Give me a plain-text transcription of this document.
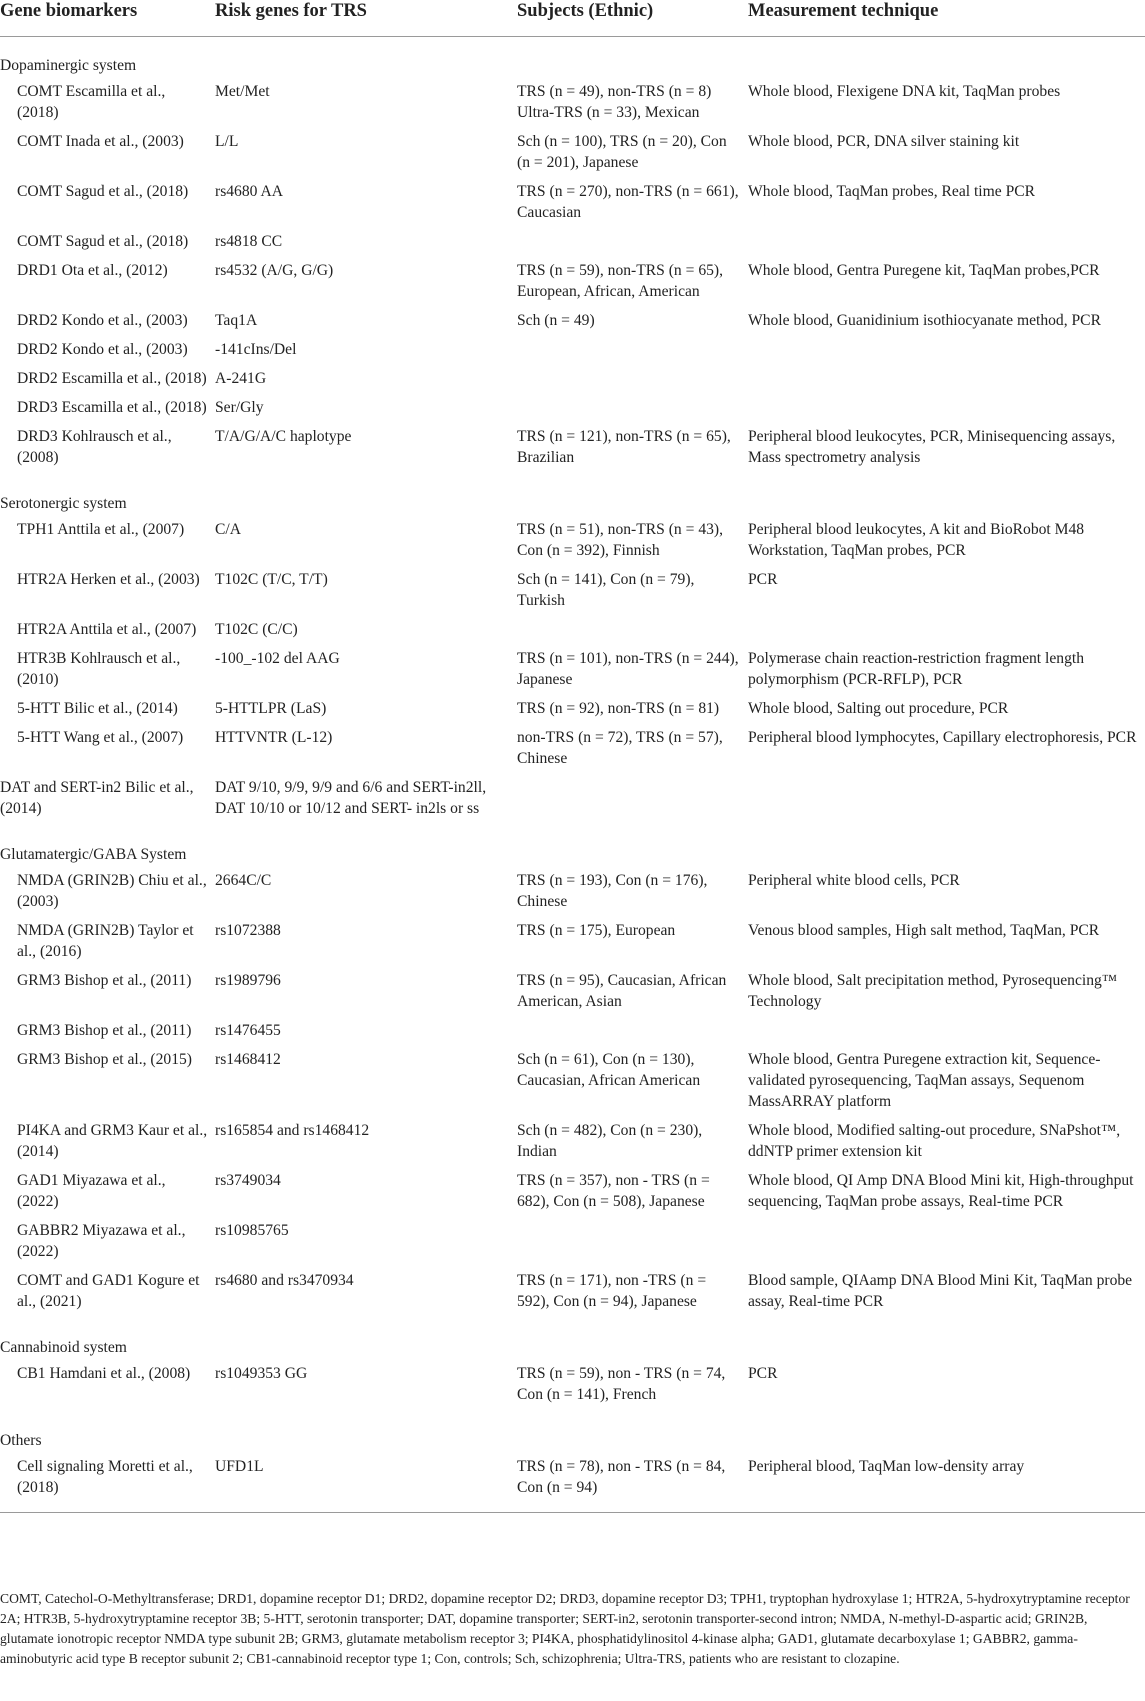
Gene biomarkers	Risk genes for TRS	Subjects (Ethnic)	Measurement technique
Dopaminergic system			
COMT Escamilla et al., (2018)	Met/Met	TRS (n = 49), non-TRS (n = 8) Ultra-TRS (n = 33), Mexican	Whole blood, Flexigene DNA kit, TaqMan probes
COMT Inada et al., (2003)	L/L	Sch (n = 100), TRS (n = 20), Con (n = 201), Japanese	Whole blood, PCR, DNA silver staining kit
COMT Sagud et al., (2018)	rs4680 AA	TRS (n = 270), non-TRS (n = 661), Caucasian	Whole blood, TaqMan probes, Real time PCR
COMT Sagud et al., (2018)	rs4818 CC		
DRD1 Ota et al., (2012)	rs4532 (A/G, G/G)	TRS (n = 59), non-TRS (n = 65), European, African, American	Whole blood, Gentra Puregene kit, TaqMan probes,PCR
DRD2 Kondo et al., (2003)	Taq1A	Sch (n = 49)	Whole blood, Guanidinium isothiocyanate method, PCR
DRD2 Kondo et al., (2003)	-141cIns/Del		
DRD2 Escamilla et al., (2018)	A-241G		
DRD3 Escamilla et al., (2018)	Ser/Gly		
DRD3 Kohlrausch et al., (2008)	T/A/G/A/C haplotype	TRS (n = 121), non-TRS (n = 65), Brazilian	Peripheral blood leukocytes, PCR, Minisequencing assays, Mass spectrometry analysis
Serotonergic system			
TPH1 Anttila et al., (2007)	C/A	TRS (n = 51), non-TRS (n = 43), Con (n = 392), Finnish	Peripheral blood leukocytes, A kit and BioRobot M48 Workstation, TaqMan probes, PCR
HTR2A Herken et al., (2003)	T102C (T/C, T/T)	Sch (n = 141), Con (n = 79), Turkish	PCR
HTR2A Anttila et al., (2007)	T102C (C/C)		
HTR3B Kohlrausch et al., (2010)	-100_-102 del AAG	TRS (n = 101), non-TRS (n = 244), Japanese	Polymerase chain reaction-restriction fragment length polymorphism (PCR-RFLP), PCR
5-HTT Bilic et al., (2014)	5-HTTLPR (LaS)	TRS (n = 92), non-TRS (n = 81)	Whole blood, Salting out procedure, PCR
5-HTT Wang et al., (2007)	HTTVNTR (L-12)	non-TRS (n = 72), TRS (n = 57), Chinese	Peripheral blood lymphocytes, Capillary electrophoresis, PCR
DAT and SERT-in2 Bilic et al., (2014)	DAT 9/10, 9/9, 9/9 and 6/6 and SERT-in2ll, DAT 10/10 or 10/12 and SERT- in2ls or ss		
Glutamatergic/GABA System			
NMDA (GRIN2B) Chiu et al., (2003)	2664C/C	TRS (n = 193), Con (n = 176), Chinese	Peripheral white blood cells, PCR
NMDA (GRIN2B) Taylor et al., (2016)	rs1072388	TRS (n = 175), European	Venous blood samples, High salt method, TaqMan, PCR
GRM3 Bishop et al., (2011)	rs1989796	TRS (n = 95), Caucasian, African American, Asian	Whole blood, Salt precipitation method, Pyrosequencing™ Technology
GRM3 Bishop et al., (2011)	rs1476455		
GRM3 Bishop et al., (2015)	rs1468412	Sch (n = 61), Con (n = 130), Caucasian, African American	Whole blood, Gentra Puregene extraction kit, Sequence-validated pyrosequencing, TaqMan assays, Sequenom MassARRAY platform
PI4KA and GRM3 Kaur et al., (2014)	rs165854 and rs1468412	Sch (n = 482), Con (n = 230), Indian	Whole blood, Modified salting-out procedure, SNaPshot™, ddNTP primer extension kit
GAD1 Miyazawa et al., (2022)	rs3749034	TRS (n = 357), non - TRS (n = 682), Con (n = 508), Japanese	Whole blood, QI Amp DNA Blood Mini kit, High-throughput sequencing, TaqMan probe assays, Real-time PCR
GABBR2 Miyazawa et al., (2022)	rs10985765		
COMT and GAD1 Kogure et al., (2021)	rs4680 and rs3470934	TRS (n = 171), non -TRS (n = 592), Con (n = 94), Japanese	Blood sample, QIAamp DNA Blood Mini Kit, TaqMan probe assay, Real-time PCR
Cannabinoid system			
CB1 Hamdani et al., (2008)	rs1049353 GG	TRS (n = 59), non - TRS (n = 74, Con (n = 141), French	PCR
Others			
Cell signaling Moretti et al., (2018)	UFD1L	TRS (n = 78), non - TRS (n = 84, Con (n = 94)	Peripheral blood, TaqMan low-density array
COMT, Catechol-O-Methyltransferase; DRD1, dopamine receptor D1; DRD2, dopamine receptor D2; DRD3, dopamine receptor D3; TPH1, tryptophan hydroxylase 1; HTR2A, 5-hydroxytryptamine receptor 2A; HTR3B, 5-hydroxytryptamine receptor 3B; 5-HTT, serotonin transporter; DAT, dopamine transporter; SERT-in2, serotonin transporter-second intron; NMDA, N-methyl-D-aspartic acid; GRIN2B, glutamate ionotropic receptor NMDA type subunit 2B; GRM3, glutamate metabolism receptor 3; PI4KA, phosphatidylinositol 4-kinase alpha; GAD1, glutamate decarboxylase 1; GABBR2, gamma-aminobutyric acid type B receptor subunit 2; CB1-cannabinoid receptor type 1; Con, controls; Sch, schizophrenia; Ultra-TRS, patients who are resistant to clozapine.
